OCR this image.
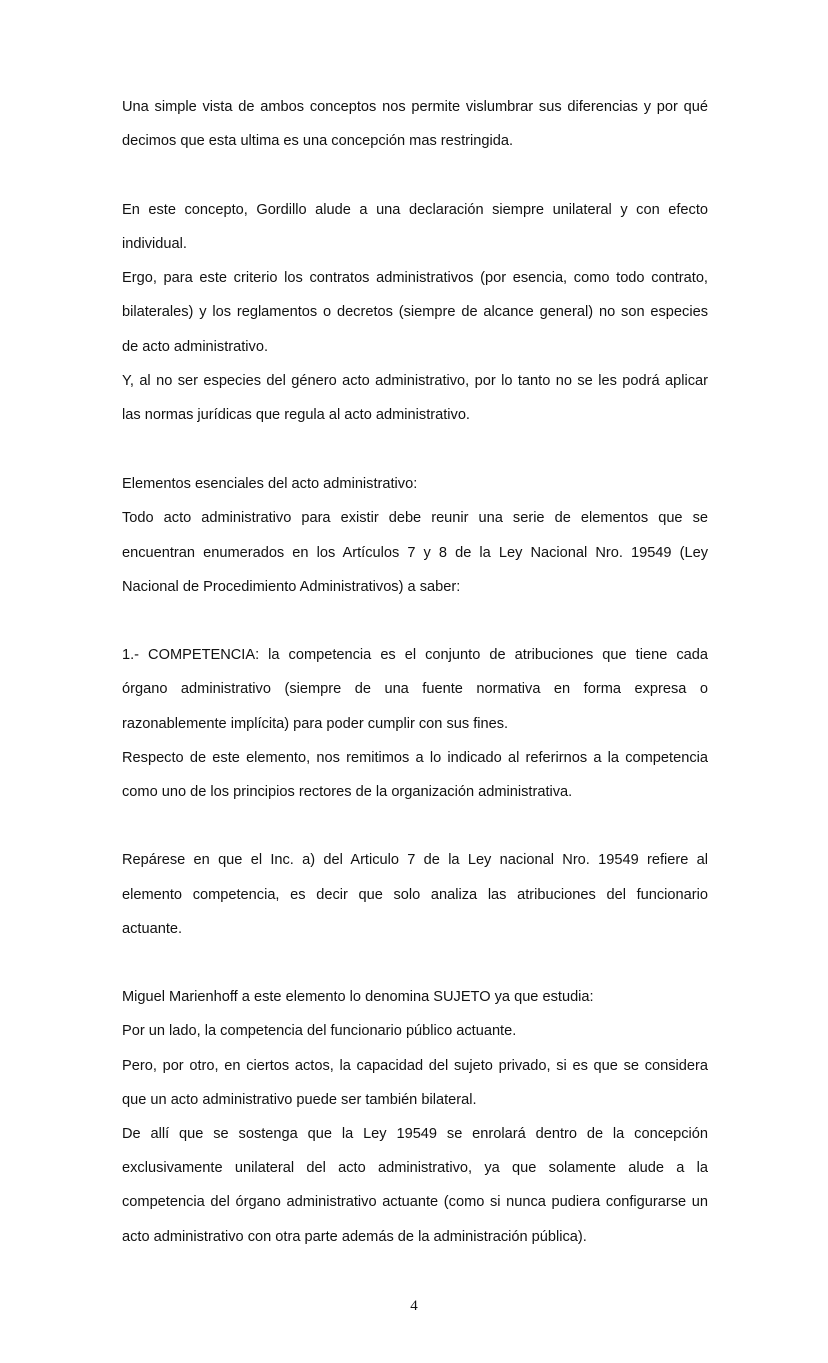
Una simple vista de ambos conceptos nos permite vislumbrar sus diferencias y por qué
decimos que esta ultima es una concepción mas restringida.
En este concepto, Gordillo alude a una declaración siempre unilateral y con efecto
individual.
Ergo, para este criterio los contratos administrativos (por esencia, como todo contrato,
bilaterales) y los reglamentos o decretos (siempre de alcance general) no son especies
de acto administrativo.
Y, al no ser especies del género acto administrativo, por lo tanto no se les podrá aplicar
las normas jurídicas que regula al acto administrativo.
Elementos esenciales del acto administrativo:
Todo acto administrativo para existir debe reunir una serie de elementos que se
encuentran enumerados en los Artículos 7 y 8 de la Ley Nacional Nro. 19549 (Ley
Nacional de Procedimiento Administrativos) a saber:
1.- COMPETENCIA: la competencia es el conjunto de atribuciones que tiene cada
órgano administrativo (siempre de una fuente normativa en forma expresa o
razonablemente implícita) para poder cumplir con sus fines.
Respecto de este elemento, nos remitimos a lo indicado al referirnos a la competencia
como uno de los principios rectores de la organización administrativa.
Repárese en que el Inc. a) del Articulo 7 de la Ley nacional Nro. 19549 refiere al
elemento competencia, es decir que solo analiza las atribuciones del funcionario
actuante.
Miguel Marienhoff a este elemento lo denomina SUJETO ya que estudia:
Por un lado, la competencia del funcionario público actuante.
Pero, por otro, en ciertos actos, la capacidad del sujeto privado, si es que se considera
que un acto administrativo puede ser también bilateral.
De allí que se sostenga que la Ley 19549 se enrolará dentro de la concepción
exclusivamente unilateral del acto administrativo, ya que solamente alude a la
competencia del órgano administrativo actuante (como si nunca pudiera configurarse un
acto administrativo con otra parte además de la administración pública).
4
